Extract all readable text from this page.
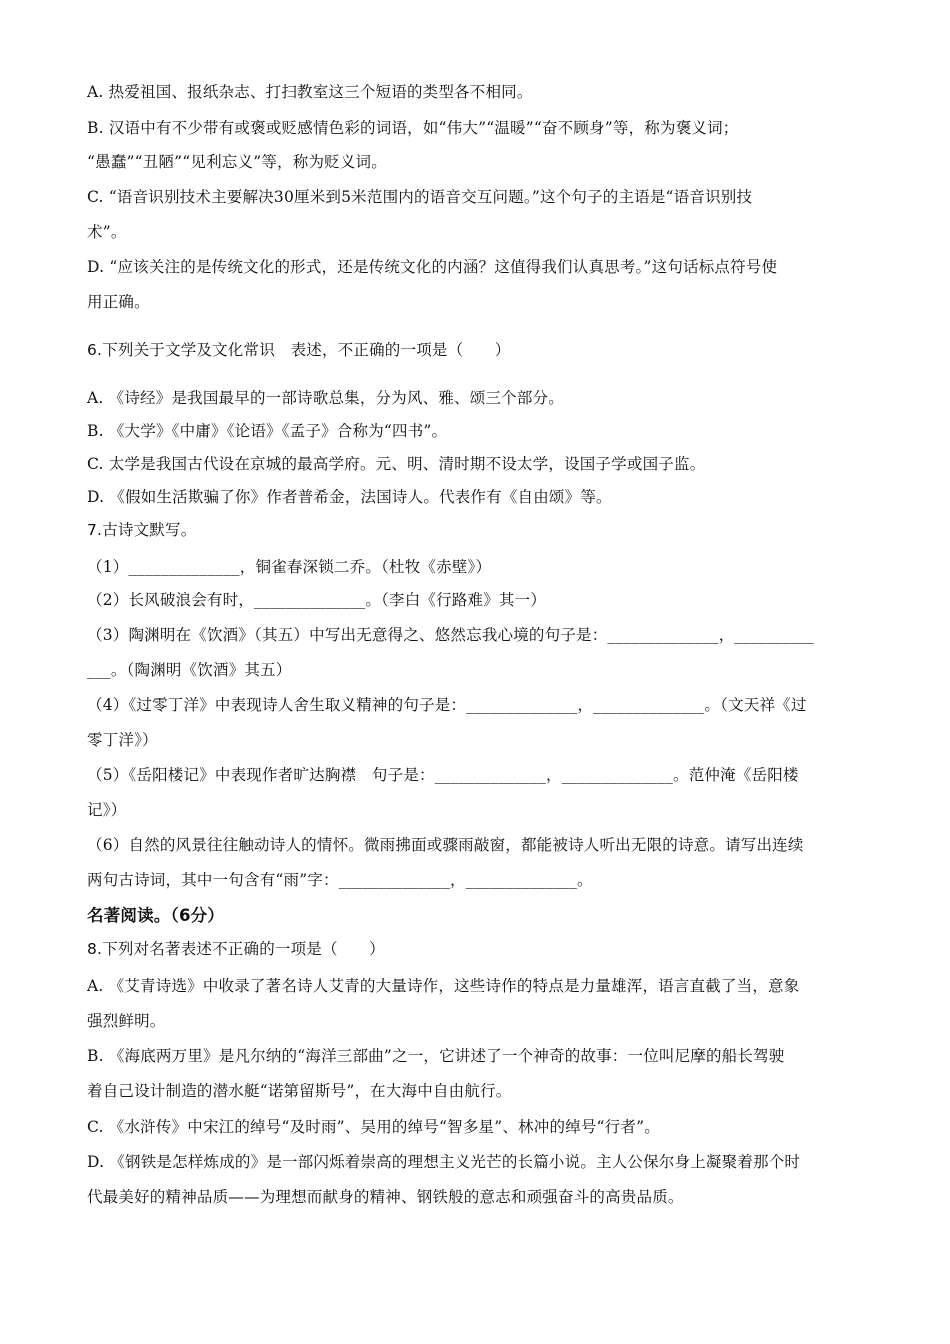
A. 热爱祖国、报纸杂志、打扫教室这三个短语的类型各不相同。
B. 汉语中有不少带有或褒或贬感情色彩的词语，如“伟大”“温暖”“奋不顾身”等，称为褒义词；
“愚蠢”“丑陋”“见利忘义”等，称为贬义词。
C. “语音识别技术主要解决30厘米到5米范围内的语音交互问题。”这个句子的主语是“语音识别技
术”。
D. “应该关注的是传统文化的形式，还是传统文化的内涵？这值得我们认真思考。”这句话标点符号使
用正确。
6.下列关于文学及文化常识　表述，不正确的一项是（　　）
A. 《诗经》是我国最早的一部诗歌总集，分为风、雅、颂三个部分。
B. 《大学》《中庸》《论语》《孟子》合称为“四书”。
C. 太学是我国古代设在京城的最高学府。元、明、清时期不设太学，设国子学或国子监。
D. 《假如生活欺骗了你》作者普希金，法国诗人。代表作有《自由颂》等。
7.古诗文默写。
（1）______________，铜雀春深锁二乔。（杜牧《赤壁》）
（2）长风破浪会有时，______________。（李白《行路难》其一）
（3）陶渊明在《饮酒》（其五）中写出无意得之、悠然忘我心境的句子是：______________，__________
___。（陶渊明《饮酒》其五）
（4）《过零丁洋》中表现诗人舍生取义精神的句子是：______________，______________。（文天祥《过
零丁洋》）
（5）《岳阳楼记》中表现作者旷达胸襟　句子是：______________，______________。范仲淹《岳阳楼
记》）
（6）自然的风景往往触动诗人的情怀。微雨拂面或骤雨敲窗，都能被诗人听出无限的诗意。请写出连续
两句古诗词，其中一句含有“雨”字：______________，______________。
名著阅读。（6分）
8.下列对名著表述不正确的一项是（　　）
A. 《艾青诗选》中收录了著名诗人艾青的大量诗作，这些诗作的特点是力量雄浑，语言直截了当，意象
强烈鲜明。
B. 《海底两万里》是凡尔纳的“海洋三部曲”之一，它讲述了一个神奇的故事：一位叫尼摩的船长驾驶
着自己设计制造的潜水艇“诺第留斯号”，在大海中自由航行。
C. 《水浒传》中宋江的绰号“及时雨”、吴用的绰号“智多星”、林冲的绰号“行者”。
D. 《钢铁是怎样炼成的》是一部闪烁着崇高的理想主义光芒的长篇小说。主人公保尔身上凝聚着那个时
代最美好的精神品质——为理想而献身的精神、钢铁般的意志和顽强奋斗的高贵品质。
